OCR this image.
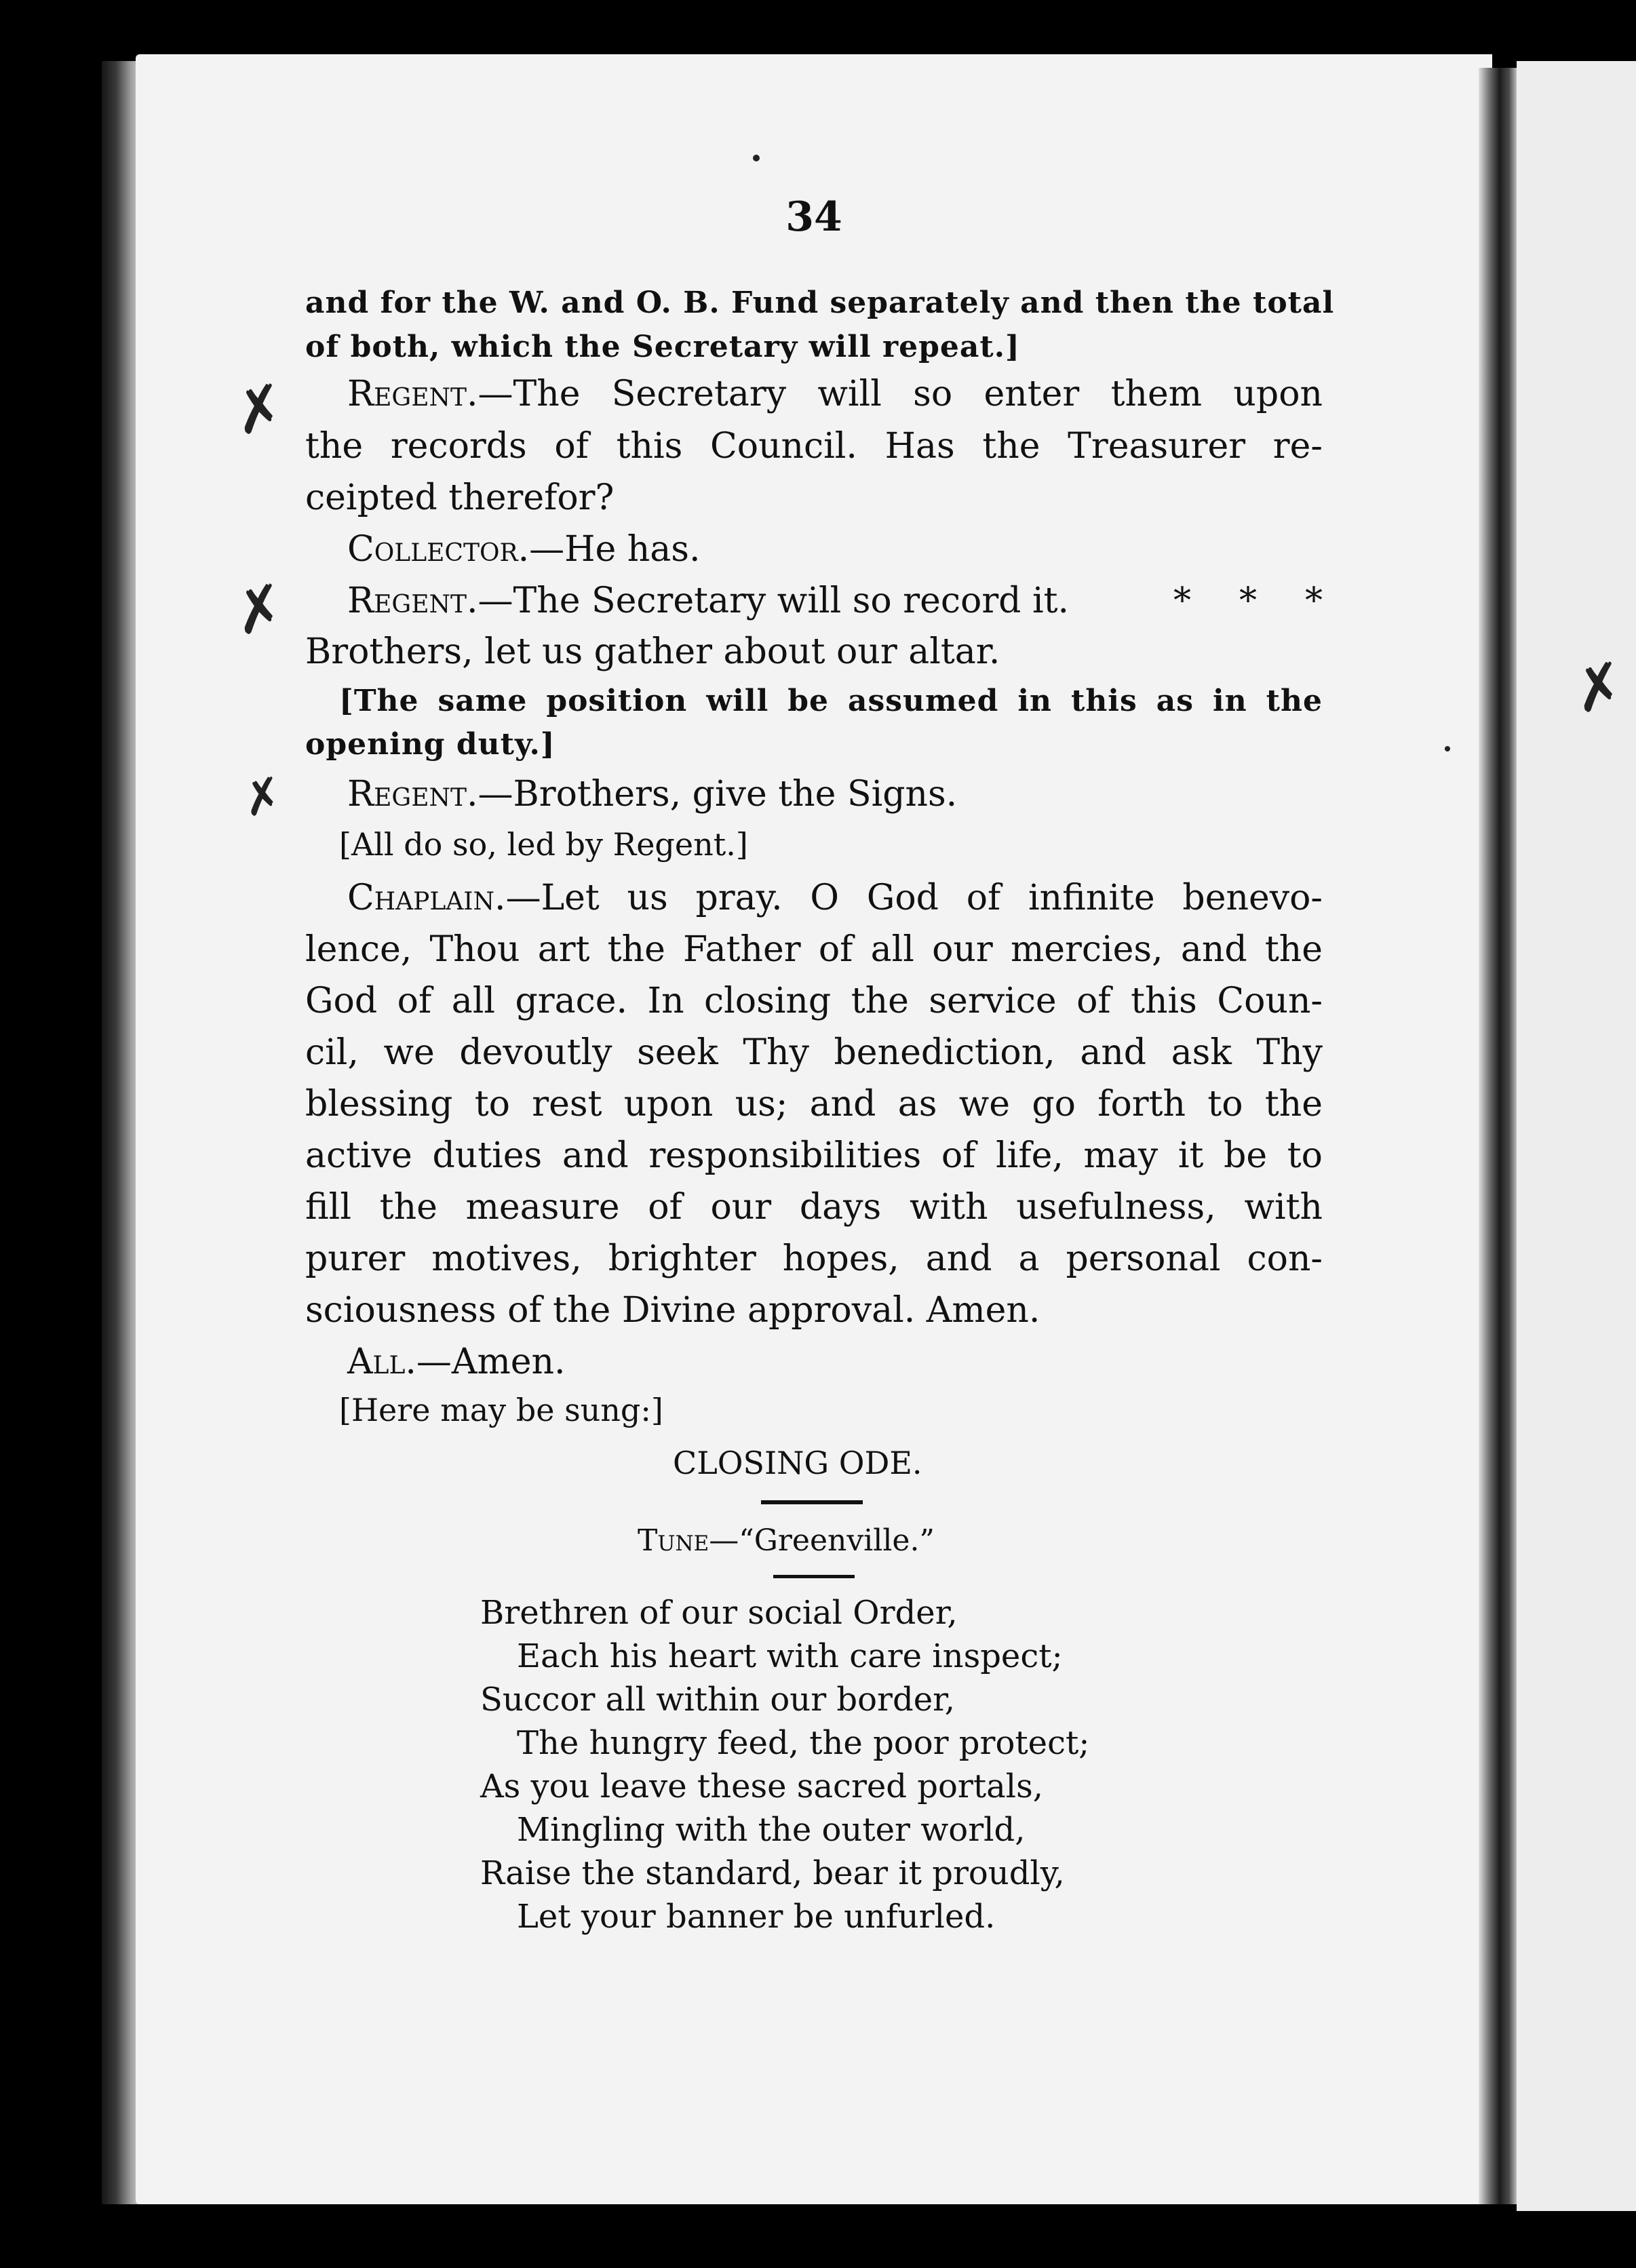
✗
✗
✗
✗
34
and for the W. and O. B. Fund separately and then the total
of both, which the Secretary will repeat.]
Regent.—The Secretary will so enter them upon
the records of this Council. Has the Treasurer re-
ceipted therefor?
Collector.—He has.
Regent.—The Secretary will so record it.	* * *
Brothers, let us gather about our altar.
[The same position will be assumed in this as in the
opening duty.]
Regent.—Brothers, give the Signs.
[All do so, led by Regent.]
Chaplain.—Let us pray. O God of infinite benevo-
lence, Thou art the Father of all our mercies, and the
God of all grace. In closing the service of this Coun-
cil, we devoutly seek Thy benediction, and ask Thy
blessing to rest upon us; and as we go forth to the
active duties and responsibilities of life, may it be to
fill the measure of our days with usefulness, with
purer motives, brighter hopes, and a personal con-
sciousness of the Divine approval. Amen.
All.—Amen.
[Here may be sung:]
CLOSING ODE.
Tune—“Greenville.”
Brethren of our social Order,
Each his heart with care inspect;
Succor all within our border,
The hungry feed, the poor protect;
As you leave these sacred portals,
Mingling with the outer world,
Raise the standard, bear it proudly,
Let your banner be unfurled.
